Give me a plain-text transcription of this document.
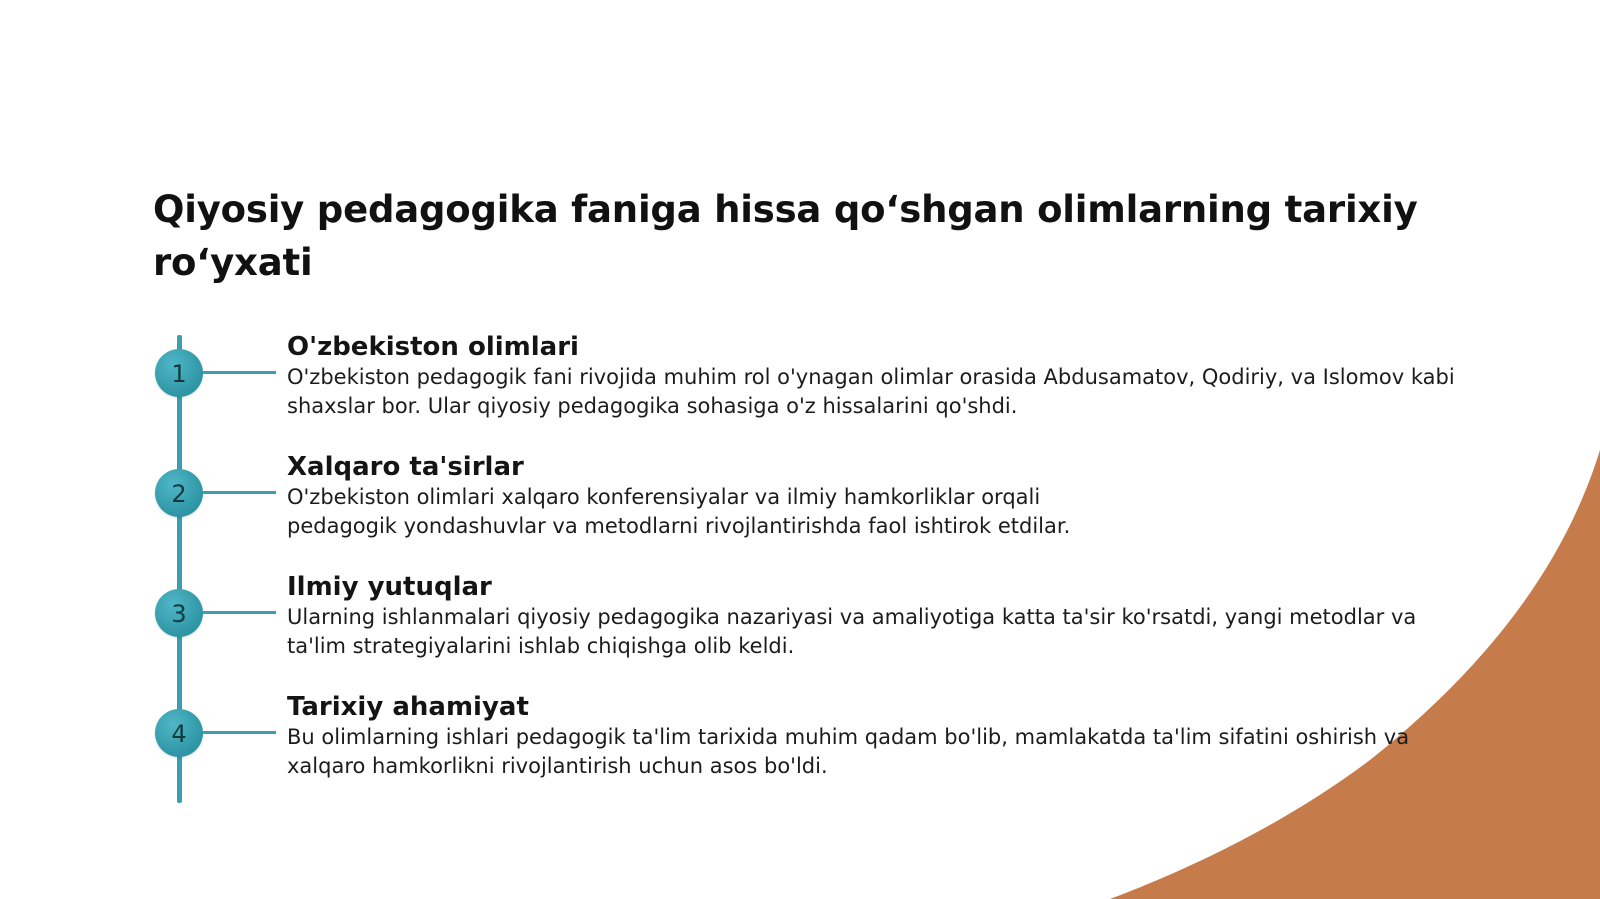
Qiyosiy pedagogika faniga hissa qo‘shgan olimlarning tarixiy ro‘yxati
1
O'zbekiston olimlari

O'zbekiston pedagogik fani rivojida muhim rol o'ynagan olimlar orasida Abdusamatov, Qodiriy, va Islomov kabi shaxslar bor. Ular qiyosiy pedagogika sohasiga o'z hissalarini qo'shdi.

2
Xalqaro ta'sirlar

O'zbekiston olimlari xalqaro konferensiyalar va ilmiy hamkorliklar orqali
pedagogik yondashuvlar va metodlarni rivojlantirishda faol ishtirok etdilar.

3
Ilmiy yutuqlar

Ularning ishlanmalari qiyosiy pedagogika nazariyasi va amaliyotiga katta ta'sir ko'rsatdi, yangi metodlar va ta'lim strategiyalarini ishlab chiqishga olib keldi.

4
Tarixiy ahamiyat

Bu olimlarning ishlari pedagogik ta'lim tarixida muhim qadam bo'lib, mamlakatda ta'lim sifatini oshirish va xalqaro hamkorlikni rivojlantirish uchun asos bo'ldi.
